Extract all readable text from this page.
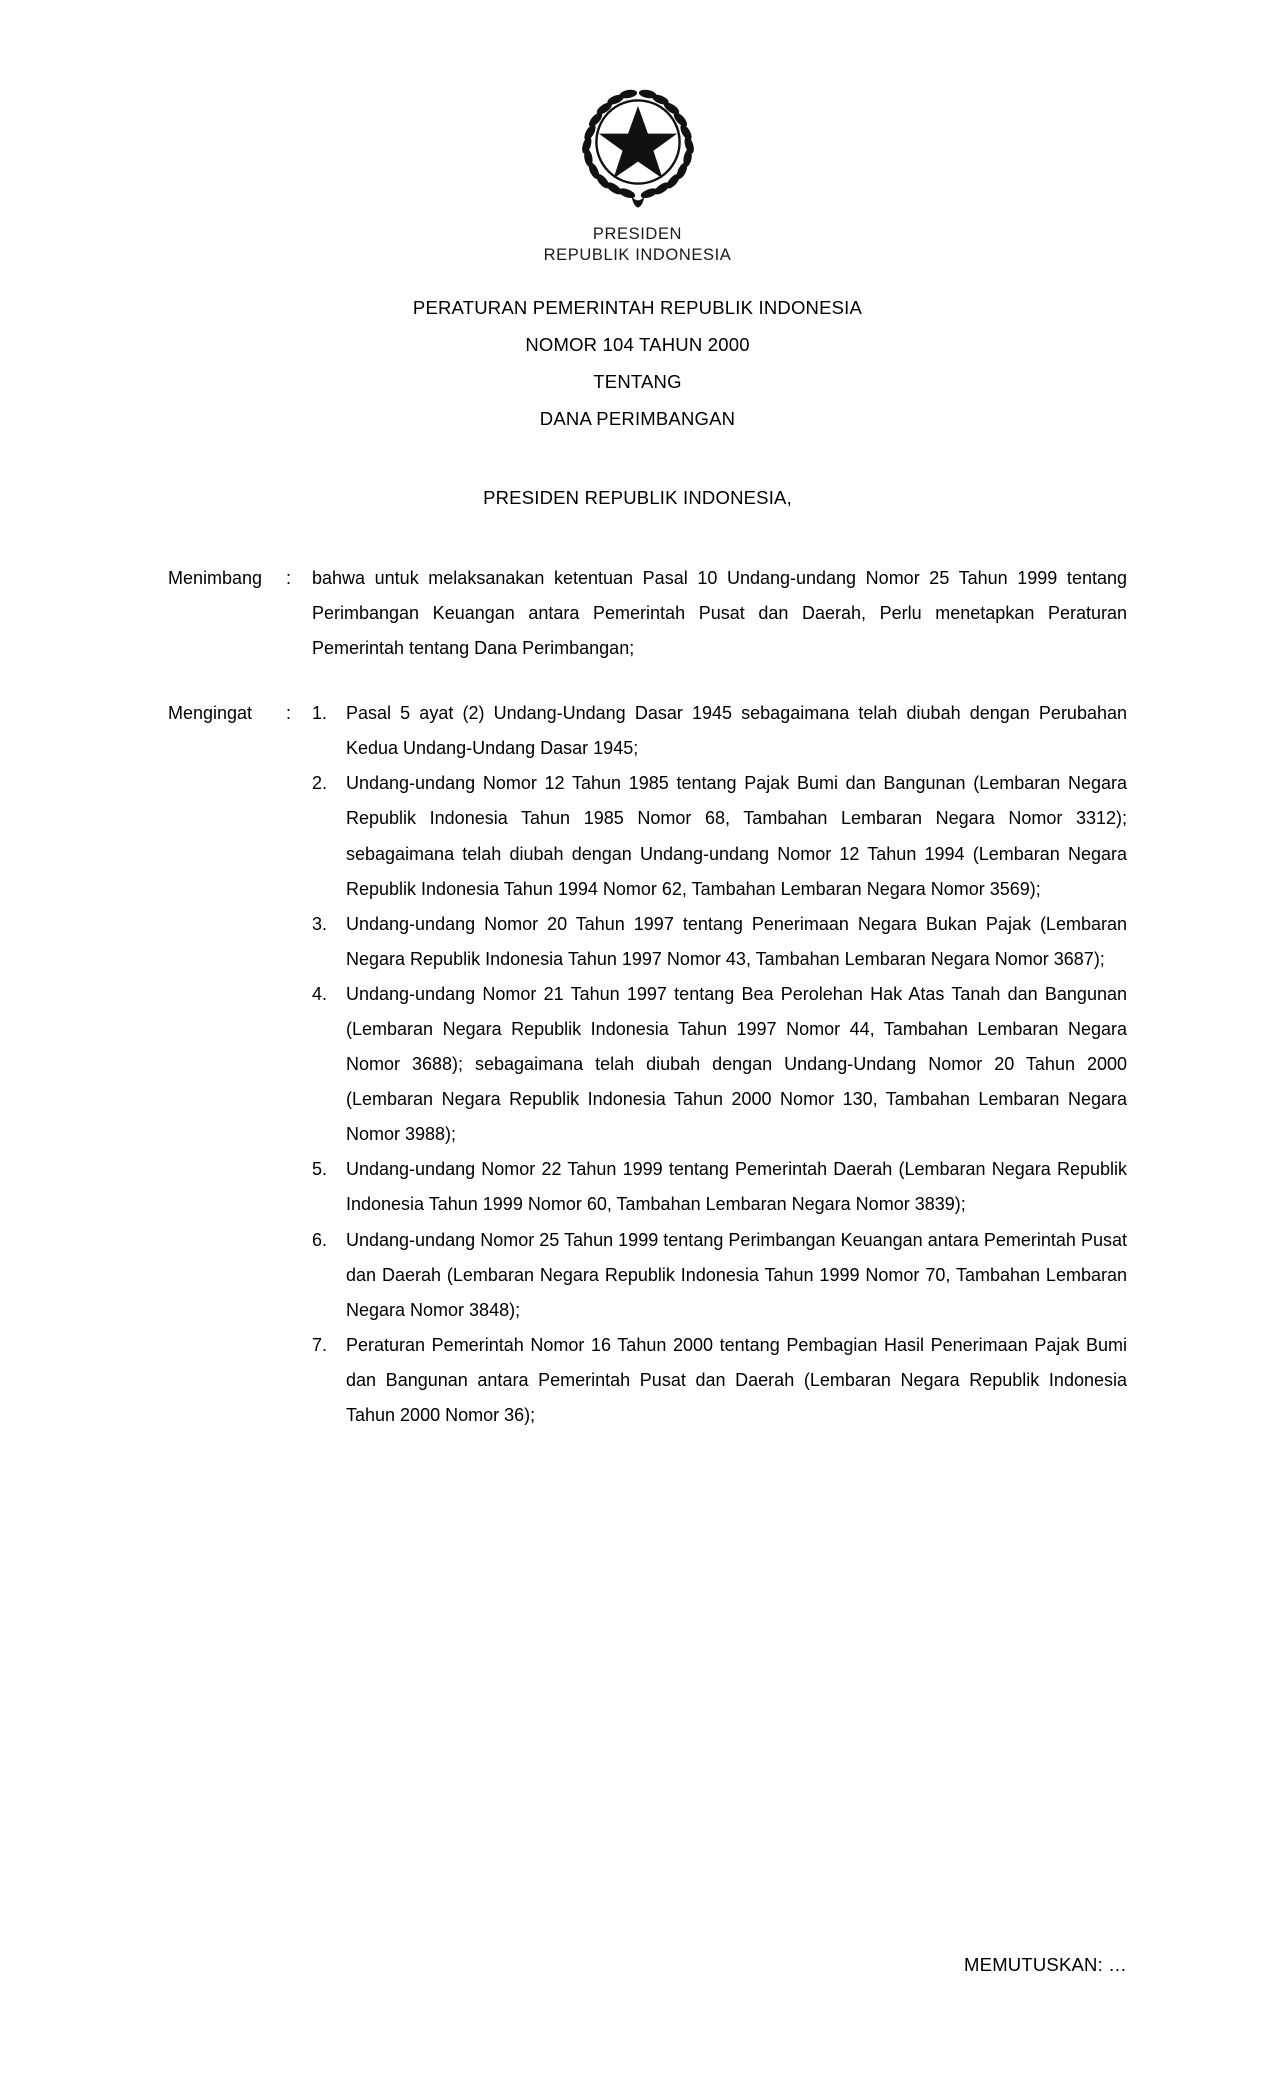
PRESIDEN
REPUBLIK INDONESIA
PERATURAN PEMERINTAH REPUBLIK INDONESIA
NOMOR 104 TAHUN 2000
TENTANG
DANA PERIMBANGAN
PRESIDEN REPUBLIK INDONESIA,
Menimbang	:	bahwa untuk melaksanakan ketentuan Pasal 10 Undang-undang Nomor 25 Tahun 1999 tentang Perimbangan Keuangan antara Pemerintah Pusat dan Daerah, Perlu menetapkan Peraturan Pemerintah tentang Dana Perimbangan;

Mengingat	:	Pasal 5 ayat (2) Undang-Undang Dasar 1945 sebagaimana telah diubah dengan Perubahan Kedua Undang-Undang Dasar 1945;
Undang-undang Nomor 12 Tahun 1985 tentang Pajak Bumi dan Bangunan (Lembaran Negara Republik Indonesia Tahun 1985 Nomor 68, Tambahan Lembaran Negara Nomor 3312); sebagaimana telah diubah dengan Undang-undang Nomor 12 Tahun 1994 (Lembaran Negara Republik Indonesia Tahun 1994 Nomor 62, Tambahan Lembaran Negara Nomor 3569);
Undang-undang Nomor 20 Tahun 1997 tentang Penerimaan Negara Bukan Pajak (Lembaran Negara Republik Indonesia Tahun 1997 Nomor 43, Tambahan Lembaran Negara Nomor 3687);
Undang-undang Nomor 21 Tahun 1997 tentang Bea Perolehan Hak Atas Tanah dan Bangunan (Lembaran Negara Republik Indonesia Tahun 1997 Nomor 44, Tambahan Lembaran Negara Nomor 3688); sebagaimana telah diubah dengan Undang-Undang Nomor 20 Tahun 2000 (Lembaran Negara Republik Indonesia Tahun 2000 Nomor 130, Tambahan Lembaran Negara Nomor 3988);
Undang-undang Nomor 22 Tahun 1999 tentang Pemerintah Daerah (Lembaran Negara Republik Indonesia Tahun 1999 Nomor 60, Tambahan Lembaran Negara Nomor 3839);
Undang-undang Nomor 25 Tahun 1999 tentang Perimbangan Keuangan antara Pemerintah Pusat dan Daerah (Lembaran Negara Republik Indonesia Tahun 1999 Nomor 70, Tambahan Lembaran Negara Nomor 3848);
Peraturan Pemerintah Nomor 16 Tahun 2000 tentang Pembagian Hasil Penerimaan Pajak Bumi dan Bangunan antara Pemerintah Pusat dan Daerah (Lembaran Negara Republik Indonesia Tahun 2000 Nomor 36);
MEMUTUSKAN: …
